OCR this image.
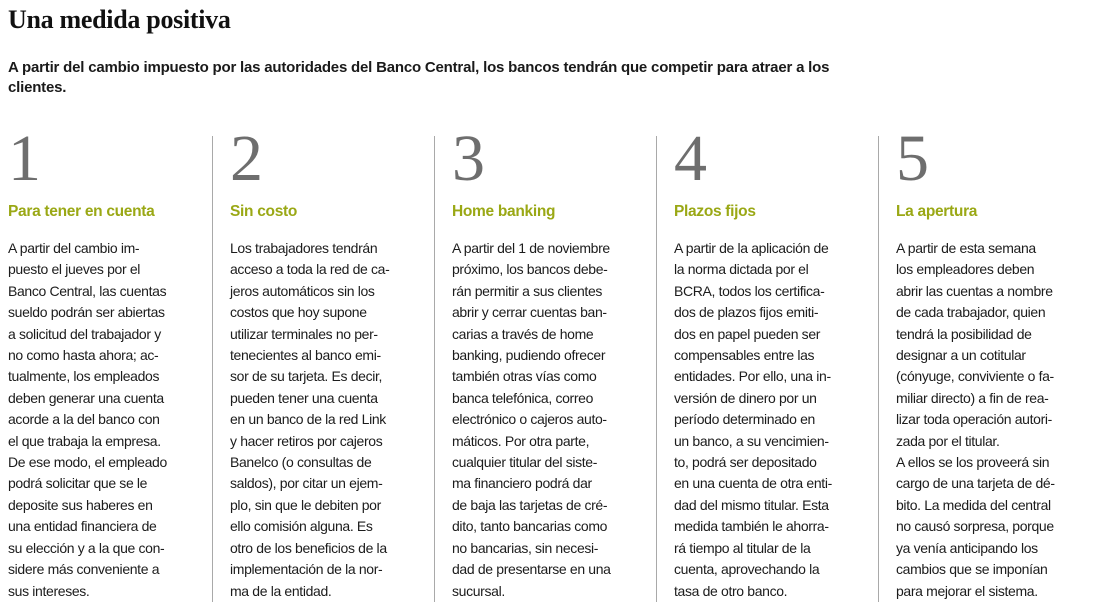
Una medida positiva

A partir del cambio impuesto por las autoridades del Banco Central, los bancos tendrán que competir para atraer a los clientes.

1
Para tener en cuenta
A partir del cambio im-
puesto el jueves por el
Banco Central, las cuentas
sueldo podrán ser abiertas
a solicitud del trabajador y
no como hasta ahora; ac-
tualmente, los empleados
deben generar una cuenta
acorde a la del banco con
el que trabaja la empresa.
De ese modo, el empleado
podrá solicitar que se le
deposite sus haberes en
una entidad financiera de
su elección y a la que con-
sidere más conveniente a
sus intereses.
2
Sin costo
Los trabajadores tendrán
acceso a toda la red de ca-
jeros automáticos sin los
costos que hoy supone
utilizar terminales no per-
tenecientes al banco emi-
sor de su tarjeta. Es decir,
pueden tener una cuenta
en un banco de la red Link
y hacer retiros por cajeros
Banelco (o consultas de
saldos), por citar un ejem-
plo, sin que le debiten por
ello comisión alguna. Es
otro de los beneficios de la
implementación de la nor-
ma de la entidad.
3
Home banking
A partir del 1 de noviembre
próximo, los bancos debe-
rán permitir a sus clientes
abrir y cerrar cuentas ban-
carias a través de home
banking, pudiendo ofrecer
también otras vías como
banca telefónica, correo
electrónico o cajeros auto-
máticos. Por otra parte,
cualquier titular del siste-
ma financiero podrá dar
de baja las tarjetas de cré-
dito, tanto bancarias como
no bancarias, sin necesi-
dad de presentarse en una
sucursal.
4
Plazos fijos
A partir de la aplicación de
la norma dictada por el
BCRA, todos los certifica-
dos de plazos fijos emiti-
dos en papel pueden ser
compensables entre las
entidades. Por ello, una in-
versión de dinero por un
período determinado en
un banco, a su vencimien-
to, podrá ser depositado
en una cuenta de otra enti-
dad del mismo titular. Esta
medida también le ahorra-
rá tiempo al titular de la
cuenta, aprovechando la
tasa de otro banco.
5
La apertura
A partir de esta semana
los empleadores deben
abrir las cuentas a nombre
de cada trabajador, quien
tendrá la posibilidad de
designar a un cotitular
(cónyuge, conviviente o fa-
miliar directo) a fin de rea-
lizar toda operación autori-
zada por el titular.
A ellos se los proveerá sin
cargo de una tarjeta de dé-
bito. La medida del central
no causó sorpresa, porque
ya venía anticipando los
cambios que se imponían
para mejorar el sistema.
